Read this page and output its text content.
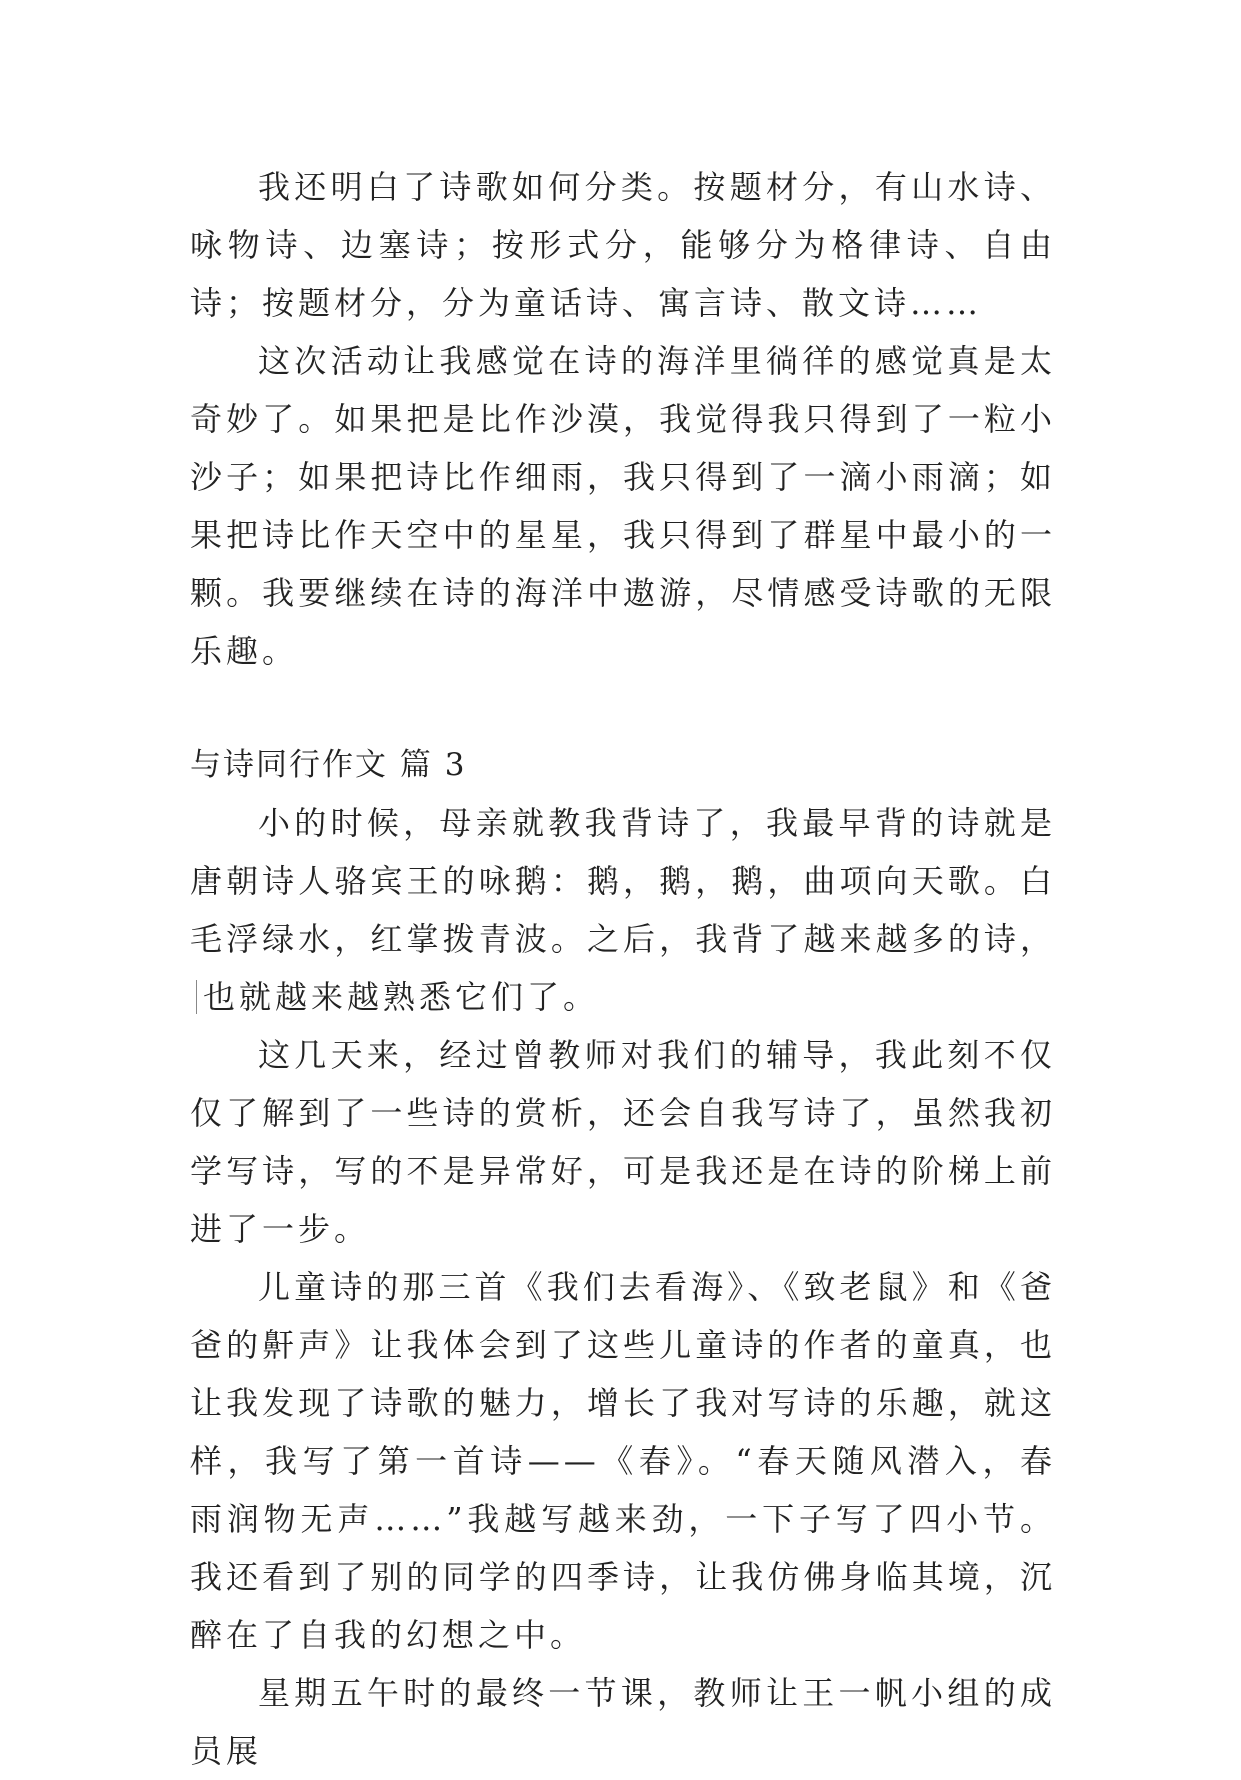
我还明白了诗歌如何分类。按题材分，有山水诗、咏物诗、边塞诗；按形式分，能够分为格律诗、自由诗；按题材分，分为童话诗、寓言诗、散文诗……

这次活动让我感觉在诗的海洋里徜徉的感觉真是太奇妙了。如果把是比作沙漠，我觉得我只得到了一粒小沙子；如果把诗比作细雨，我只得到了一滴小雨滴；如果把诗比作天空中的星星，我只得到了群星中最小的一颗。我要继续在诗的海洋中遨游，尽情感受诗歌的无限乐趣。

与诗同行作文 篇 3

小的时候，母亲就教我背诗了，我最早背的诗就是唐朝诗人骆宾王的咏鹅：鹅，鹅，鹅，曲项向天歌。白毛浮绿水，红掌拨青波。之后，我背了越来越多的诗，也就越来越熟悉它们了。

这几天来，经过曾教师对我们的辅导，我此刻不仅仅了解到了一些诗的赏析，还会自我写诗了，虽然我初学写诗，写的不是异常好，可是我还是在诗的阶梯上前进了一步。

儿童诗的那三首《我们去看海》、《致老鼠》和《爸爸的鼾声》让我体会到了这些儿童诗的作者的童真，也让我发现了诗歌的魅力，增长了我对写诗的乐趣，就这样，我写了第一首诗——《春》。“春天随风潜入，春雨润物无声……”我越写越来劲，一下子写了四小节。我还看到了别的同学的四季诗，让我仿佛身临其境，沉醉在了自我的幻想之中。

星期五午时的最终一节课，教师让王一帆小组的成员展
